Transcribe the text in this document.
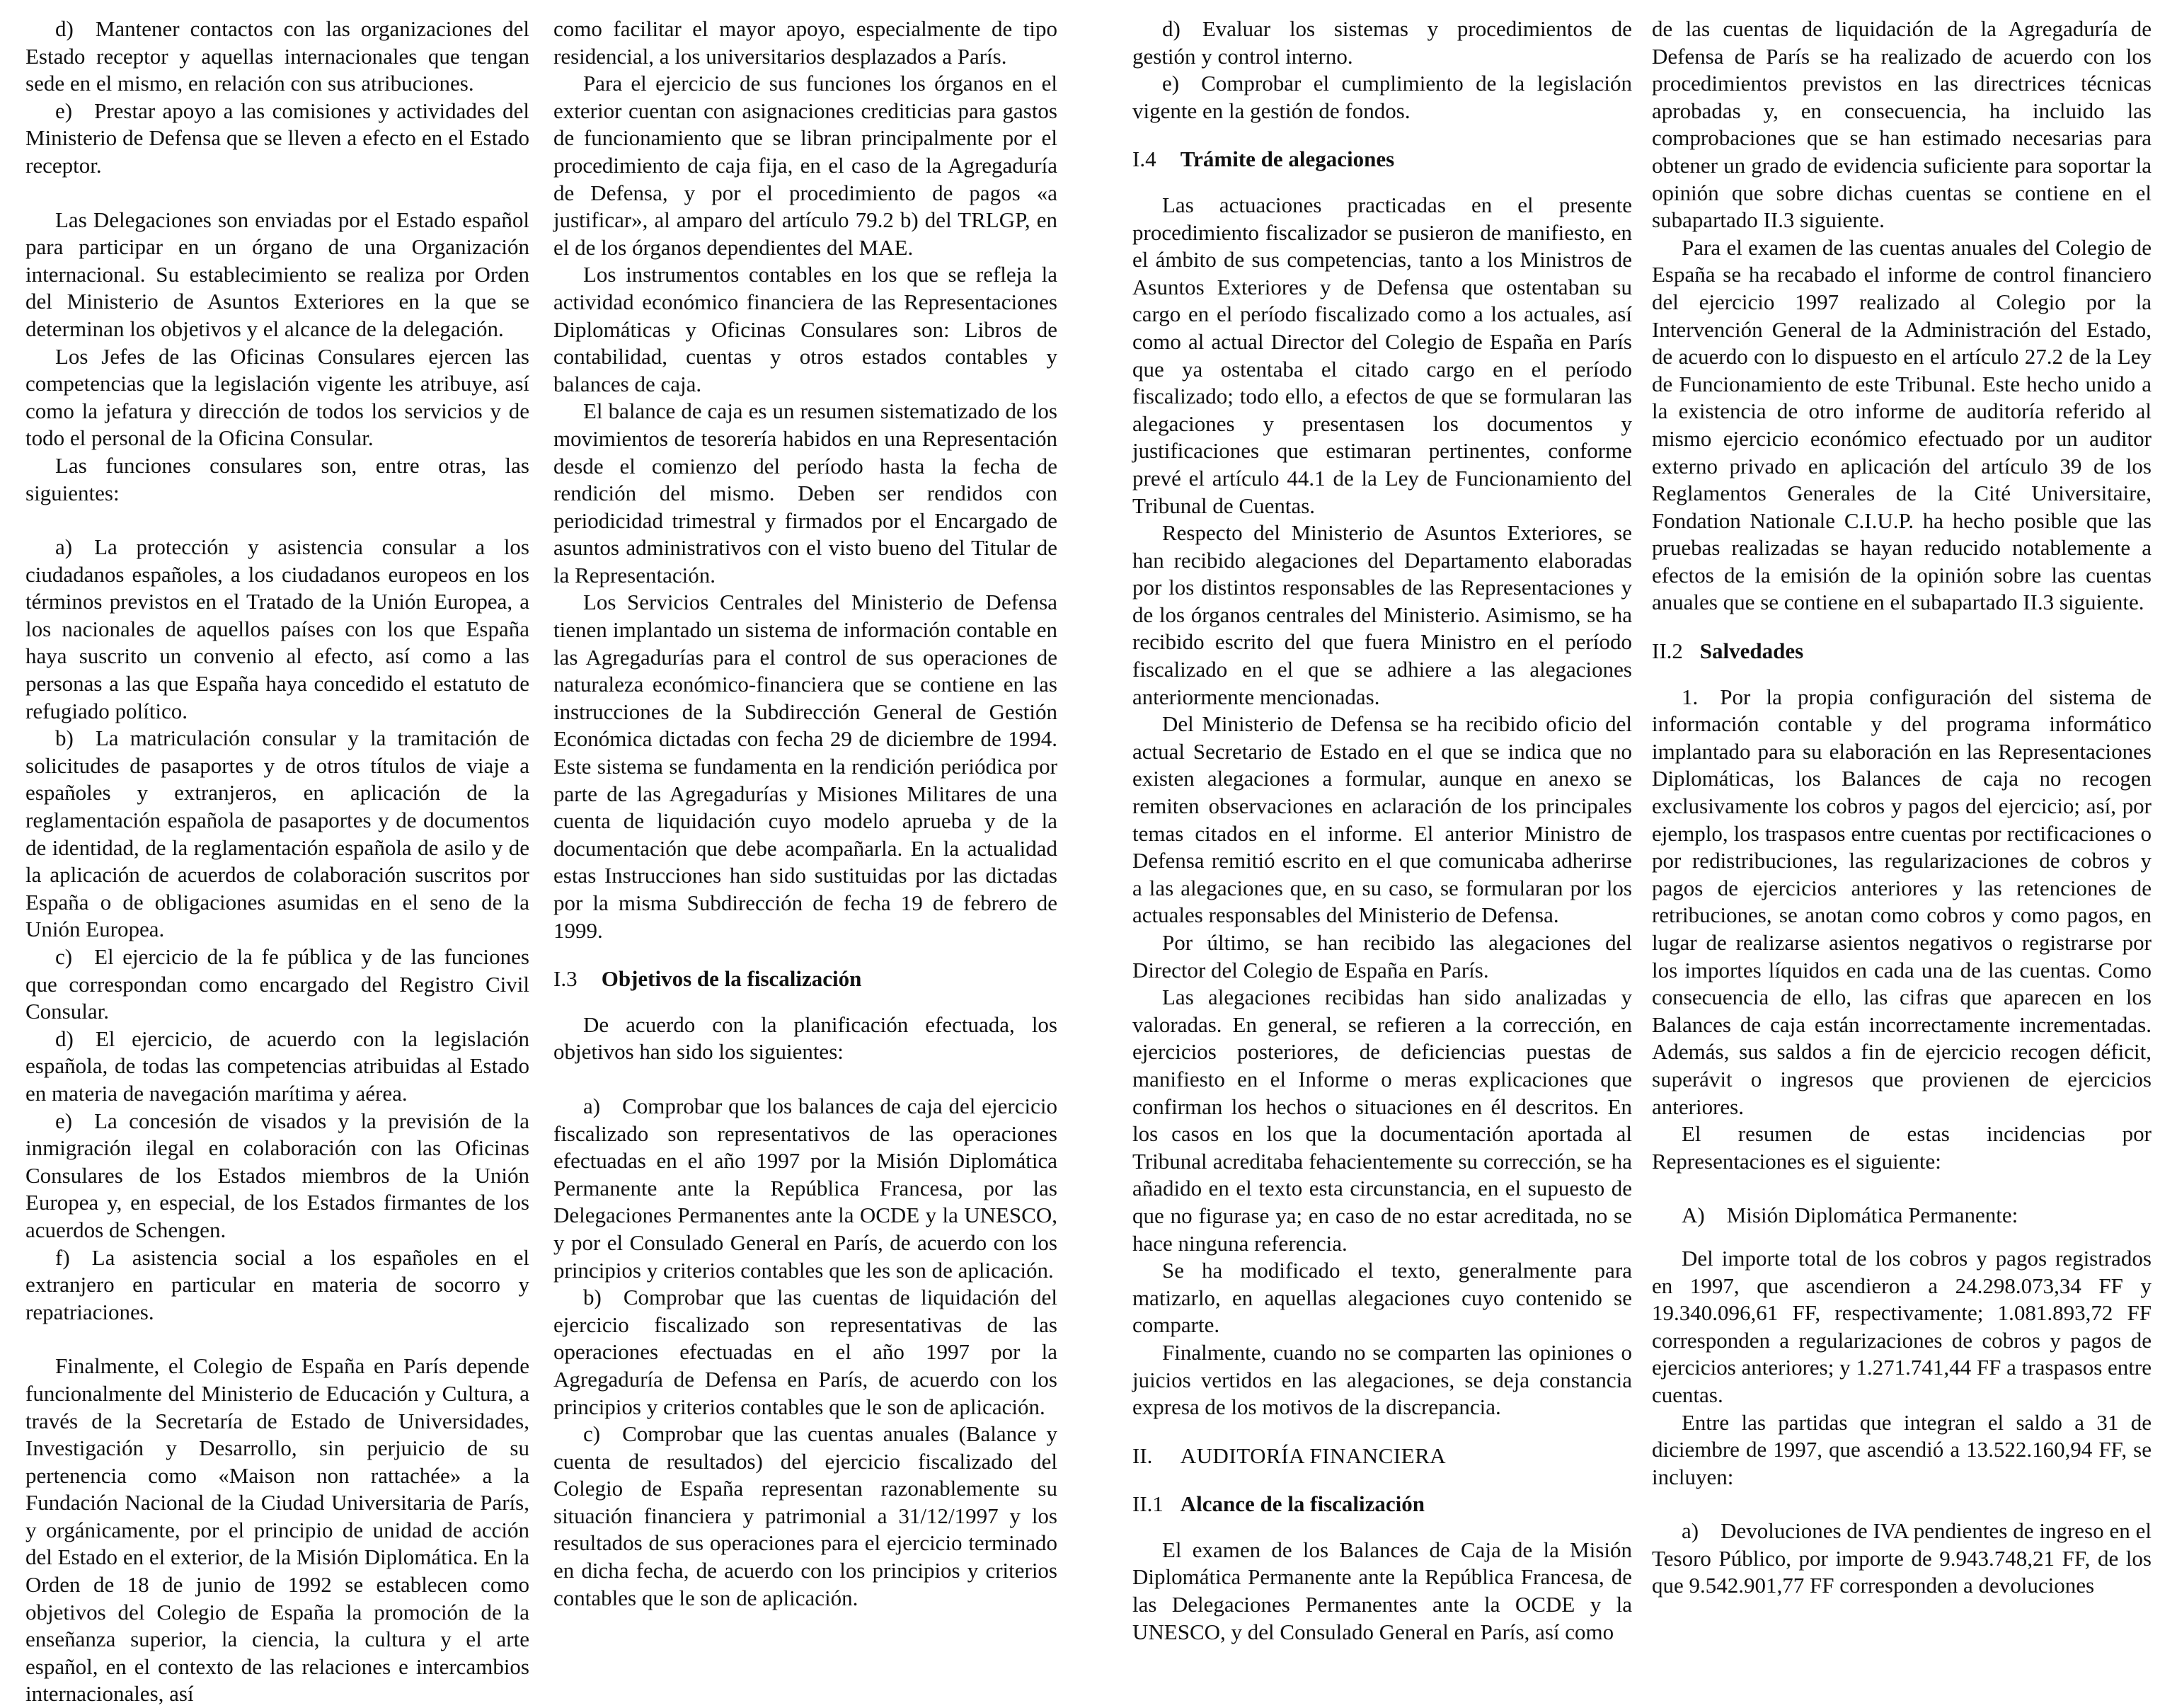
d) Mantener contactos con las organizaciones del Estado receptor y aquellas internacionales que tengan sede en el mismo, en relación con sus atribuciones.

e) Prestar apoyo a las comisiones y actividades del Ministerio de Defensa que se lleven a efecto en el Estado receptor.

Las Delegaciones son enviadas por el Estado español para participar en un órgano de una Organización internacional. Su establecimiento se realiza por Orden del Ministerio de Asuntos Exteriores en la que se determinan los objetivos y el alcance de la delegación.

Los Jefes de las Oficinas Consulares ejercen las competencias que la legislación vigente les atribuye, así como la jefatura y dirección de todos los servicios y de todo el personal de la Oficina Consular.

Las funciones consulares son, entre otras, las siguientes:

a) La protección y asistencia consular a los ciudadanos españoles, a los ciudadanos europeos en los términos previstos en el Tratado de la Unión Europea, a los nacionales de aquellos países con los que España haya suscrito un convenio al efecto, así como a las personas a las que España haya concedido el estatuto de refugiado político.

b) La matriculación consular y la tramitación de solicitudes de pasaportes y de otros títulos de viaje a españoles y extranjeros, en aplicación de la reglamentación española de pasaportes y de documentos de identidad, de la reglamentación española de asilo y de la aplicación de acuerdos de colaboración suscritos por España o de obligaciones asumidas en el seno de la Unión Europea.

c) El ejercicio de la fe pública y de las funciones que correspondan como encargado del Registro Civil Consular.

d) El ejercicio, de acuerdo con la legislación española, de todas las competencias atribuidas al Estado en materia de navegación marítima y aérea.

e) La concesión de visados y la previsión de la inmigración ilegal en colaboración con las Oficinas Consulares de los Estados miembros de la Unión Europea y, en especial, de los Estados firmantes de los acuerdos de Schengen.

f) La asistencia social a los españoles en el extranjero en particular en materia de socorro y repatriaciones.

Finalmente, el Colegio de España en París depende funcionalmente del Ministerio de Educación y Cultura, a través de la Secretaría de Estado de Universidades, Investigación y Desarrollo, sin perjuicio de su pertenencia como «Maison non rattachée» a la Fundación Nacional de la Ciudad Universitaria de París, y orgánicamente, por el principio de unidad de acción del Estado en el exterior, de la Misión Diplomática. En la Orden de 18 de junio de 1992 se establecen como objetivos del Colegio de España la promoción de la enseñanza superior, la ciencia, la cultura y el arte español, en el contexto de las relaciones e intercambios internacionales, así

como facilitar el mayor apoyo, especialmente de tipo residencial, a los universitarios desplazados a París.

Para el ejercicio de sus funciones los órganos en el exterior cuentan con asignaciones crediticias para gastos de funcionamiento que se libran principalmente por el procedimiento de caja fija, en el caso de la Agregaduría de Defensa, y por el procedimiento de pagos «a justificar», al amparo del artículo 79.2 b) del TRLGP, en el de los órganos dependientes del MAE.

Los instrumentos contables en los que se refleja la actividad económico financiera de las Representaciones Diplomáticas y Oficinas Consulares son: Libros de contabilidad, cuentas y otros estados contables y balances de caja.

El balance de caja es un resumen sistematizado de los movimientos de tesorería habidos en una Representación desde el comienzo del período hasta la fecha de rendición del mismo. Deben ser rendidos con periodicidad trimestral y firmados por el Encargado de asuntos administrativos con el visto bueno del Titular de la Representación.

Los Servicios Centrales del Ministerio de Defensa tienen implantado un sistema de información contable en las Agregadurías para el control de sus operaciones de naturaleza económico-financiera que se contiene en las instrucciones de la Subdirección General de Gestión Económica dictadas con fecha 29 de diciembre de 1994. Este sistema se fundamenta en la rendición periódica por parte de las Agregadurías y Misiones Militares de una cuenta de liquidación cuyo modelo aprueba y de la documentación que debe acompañarla. En la actualidad estas Instrucciones han sido sustituidas por las dictadas por la misma Subdirección de fecha 19 de febrero de 1999.

I.3 Objetivos de la fiscalización

De acuerdo con la planificación efectuada, los objetivos han sido los siguientes:

a) Comprobar que los balances de caja del ejercicio fiscalizado son representativos de las operaciones efectuadas en el año 1997 por la Misión Diplomática Permanente ante la República Francesa, por las Delegaciones Permanentes ante la OCDE y la UNESCO, y por el Consulado General en París, de acuerdo con los principios y criterios contables que les son de aplicación.

b) Comprobar que las cuentas de liquidación del ejercicio fiscalizado son representativas de las operaciones efectuadas en el año 1997 por la Agregaduría de Defensa en París, de acuerdo con los principios y criterios contables que le son de aplicación.

c) Comprobar que las cuentas anuales (Balance y cuenta de resultados) del ejercicio fiscalizado del Colegio de España representan razonablemente su situación financiera y patrimonial a 31/12/1997 y los resultados de sus operaciones para el ejercicio terminado en dicha fecha, de acuerdo con los principios y criterios contables que le son de aplicación.

d) Evaluar los sistemas y procedimientos de gestión y control interno.

e) Comprobar el cumplimiento de la legislación vigente en la gestión de fondos.

I.4 Trámite de alegaciones

Las actuaciones practicadas en el presente procedimiento fiscalizador se pusieron de manifiesto, en el ámbito de sus competencias, tanto a los Ministros de Asuntos Exteriores y de Defensa que ostentaban su cargo en el período fiscalizado como a los actuales, así como al actual Director del Colegio de España en París que ya ostentaba el citado cargo en el período fiscalizado; todo ello, a efectos de que se formularan las alegaciones y presentasen los documentos y justificaciones que estimaran pertinentes, conforme prevé el artículo 44.1 de la Ley de Funcionamiento del Tribunal de Cuentas.

Respecto del Ministerio de Asuntos Exteriores, se han recibido alegaciones del Departamento elaboradas por los distintos responsables de las Representaciones y de los órganos centrales del Ministerio. Asimismo, se ha recibido escrito del que fuera Ministro en el período fiscalizado en el que se adhiere a las alegaciones anteriormente mencionadas.

Del Ministerio de Defensa se ha recibido oficio del actual Secretario de Estado en el que se indica que no existen alegaciones a formular, aunque en anexo se remiten observaciones en aclaración de los principales temas citados en el informe. El anterior Ministro de Defensa remitió escrito en el que comunicaba adherirse a las alegaciones que, en su caso, se formularan por los actuales responsables del Ministerio de Defensa.

Por último, se han recibido las alegaciones del Director del Colegio de España en París.

Las alegaciones recibidas han sido analizadas y valoradas. En general, se refieren a la corrección, en ejercicios posteriores, de deficiencias puestas de manifiesto en el Informe o meras explicaciones que confirman los hechos o situaciones en él descritos. En los casos en los que la documentación aportada al Tribunal acreditaba fehacientemente su corrección, se ha añadido en el texto esta circunstancia, en el supuesto de que no figurase ya; en caso de no estar acreditada, no se hace ninguna referencia.

Se ha modificado el texto, generalmente para matizarlo, en aquellas alegaciones cuyo contenido se comparte.

Finalmente, cuando no se comparten las opiniones o juicios vertidos en las alegaciones, se deja constancia expresa de los motivos de la discrepancia.

II. AUDITORÍA FINANCIERA
II.1 Alcance de la fiscalización

El examen de los Balances de Caja de la Misión Diplomática Permanente ante la República Francesa, de las Delegaciones Permanentes ante la OCDE y la UNESCO, y del Consulado General en París, así como

de las cuentas de liquidación de la Agregaduría de Defensa de París se ha realizado de acuerdo con los procedimientos previstos en las directrices técnicas aprobadas y, en consecuencia, ha incluido las comprobaciones que se han estimado necesarias para obtener un grado de evidencia suficiente para soportar la opinión que sobre dichas cuentas se contiene en el subapartado II.3 siguiente.

Para el examen de las cuentas anuales del Colegio de España se ha recabado el informe de control financiero del ejercicio 1997 realizado al Colegio por la Intervención General de la Administración del Estado, de acuerdo con lo dispuesto en el artículo 27.2 de la Ley de Funcionamiento de este Tribunal. Este hecho unido a la existencia de otro informe de auditoría referido al mismo ejercicio económico efectuado por un auditor externo privado en aplicación del artículo 39 de los Reglamentos Generales de la Cité Universitaire, Fondation Nationale C.I.U.P. ha hecho posible que las pruebas realizadas se hayan reducido notablemente a efectos de la emisión de la opinión sobre las cuentas anuales que se contiene en el subapartado II.3 siguiente.

II.2 Salvedades

1. Por la propia configuración del sistema de información contable y del programa informático implantado para su elaboración en las Representaciones Diplomáticas, los Balances de caja no recogen exclusivamente los cobros y pagos del ejercicio; así, por ejemplo, los traspasos entre cuentas por rectificaciones o por redistribuciones, las regularizaciones de cobros y pagos de ejercicios anteriores y las retenciones de retribuciones, se anotan como cobros y como pagos, en lugar de realizarse asientos negativos o registrarse por los importes líquidos en cada una de las cuentas. Como consecuencia de ello, las cifras que aparecen en los Balances de caja están incorrectamente incrementadas. Además, sus saldos a fin de ejercicio recogen déficit, superávit o ingresos que provienen de ejercicios anteriores.

El resumen de estas incidencias por Representaciones es el siguiente:

A) Misión Diplomática Permanente:

Del importe total de los cobros y pagos registrados en 1997, que ascendieron a 24.298.073,34 FF y 19.340.096,61 FF, respectivamente; 1.081.893,72 FF corresponden a regularizaciones de cobros y pagos de ejercicios anteriores; y 1.271.741,44 FF a traspasos entre cuentas.

Entre las partidas que integran el saldo a 31 de diciembre de 1997, que ascendió a 13.522.160,94 FF, se incluyen:

a) Devoluciones de IVA pendientes de ingreso en el Tesoro Público, por importe de 9.943.748,21 FF, de los que 9.542.901,77 FF corresponden a devoluciones
